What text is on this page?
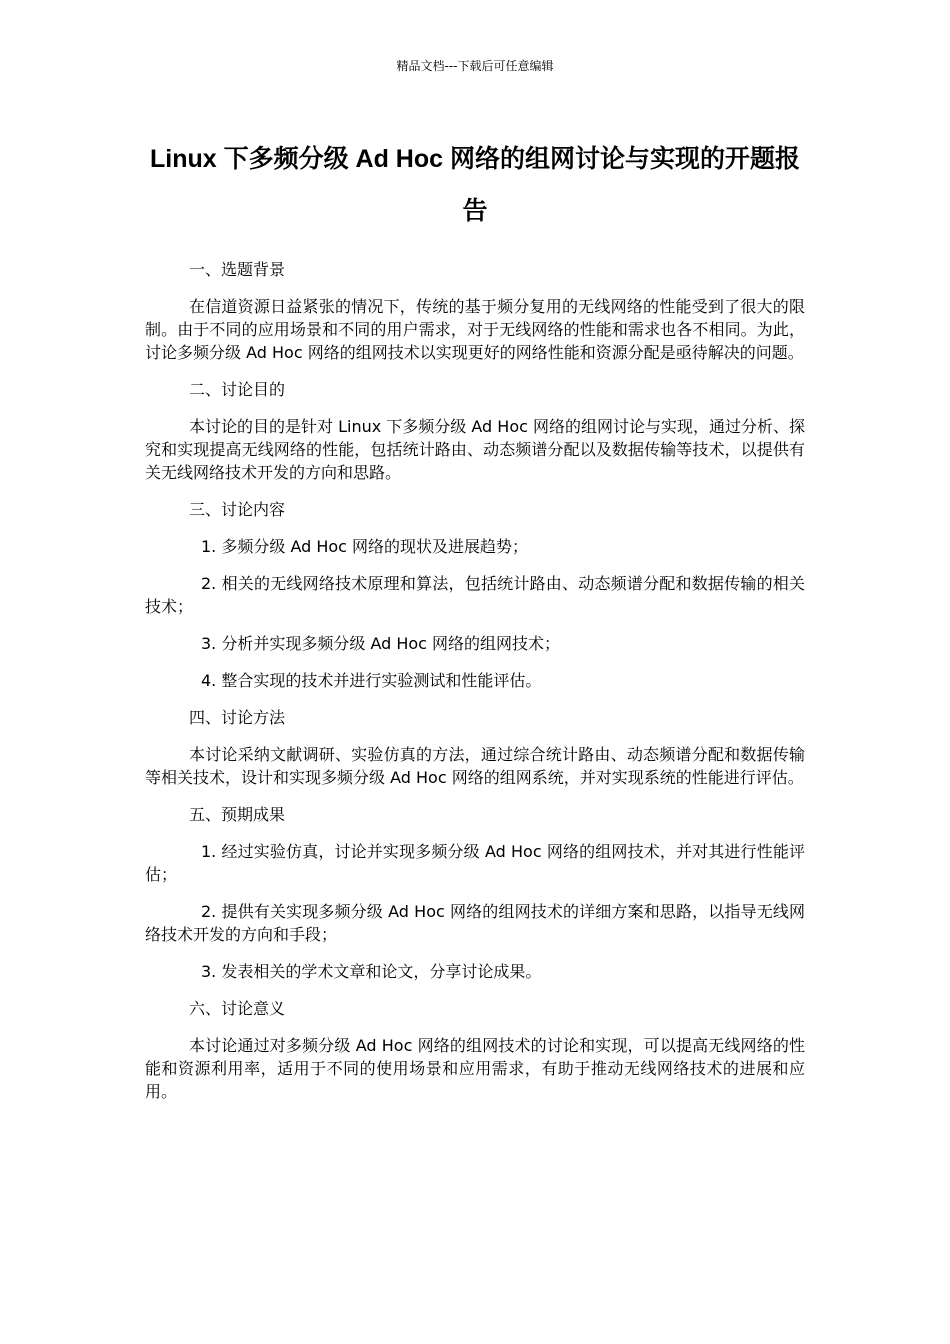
精品文档---下载后可任意编辑
Linux 下多频分级 Ad Hoc 网络的组网讨论与实现的开题报告

一、选题背景

在信道资源日益紧张的情况下，传统的基于频分复用的无线网络的性能受到了很大的限制。由于不同的应用场景和不同的用户需求，对于无线网络的性能和需求也各不相同。为此，讨论多频分级 Ad Hoc 网络的组网技术以实现更好的网络性能和资源分配是亟待解决的问题。

二、讨论目的

本讨论的目的是针对 Linux 下多频分级 Ad Hoc 网络的组网讨论与实现，通过分析、探究和实现提高无线网络的性能，包括统计路由、动态频谱分配以及数据传输等技术，以提供有关无线网络技术开发的方向和思路。

三、讨论内容

1. 多频分级 Ad Hoc 网络的现状及进展趋势；

2. 相关的无线网络技术原理和算法，包括统计路由、动态频谱分配和数据传输的相关技术；

3. 分析并实现多频分级 Ad Hoc 网络的组网技术；

4. 整合实现的技术并进行实验测试和性能评估。

四、讨论方法

本讨论采纳文献调研、实验仿真的方法，通过综合统计路由、动态频谱分配和数据传输等相关技术，设计和实现多频分级 Ad Hoc 网络的组网系统，并对实现系统的性能进行评估。

五、预期成果

1. 经过实验仿真，讨论并实现多频分级 Ad Hoc 网络的组网技术，并对其进行性能评估；

2. 提供有关实现多频分级 Ad Hoc 网络的组网技术的详细方案和思路，以指导无线网络技术开发的方向和手段；

3. 发表相关的学术文章和论文，分享讨论成果。

六、讨论意义

本讨论通过对多频分级 Ad Hoc 网络的组网技术的讨论和实现，可以提高无线网络的性能和资源利用率，适用于不同的使用场景和应用需求，有助于推动无线网络技术的进展和应用。
